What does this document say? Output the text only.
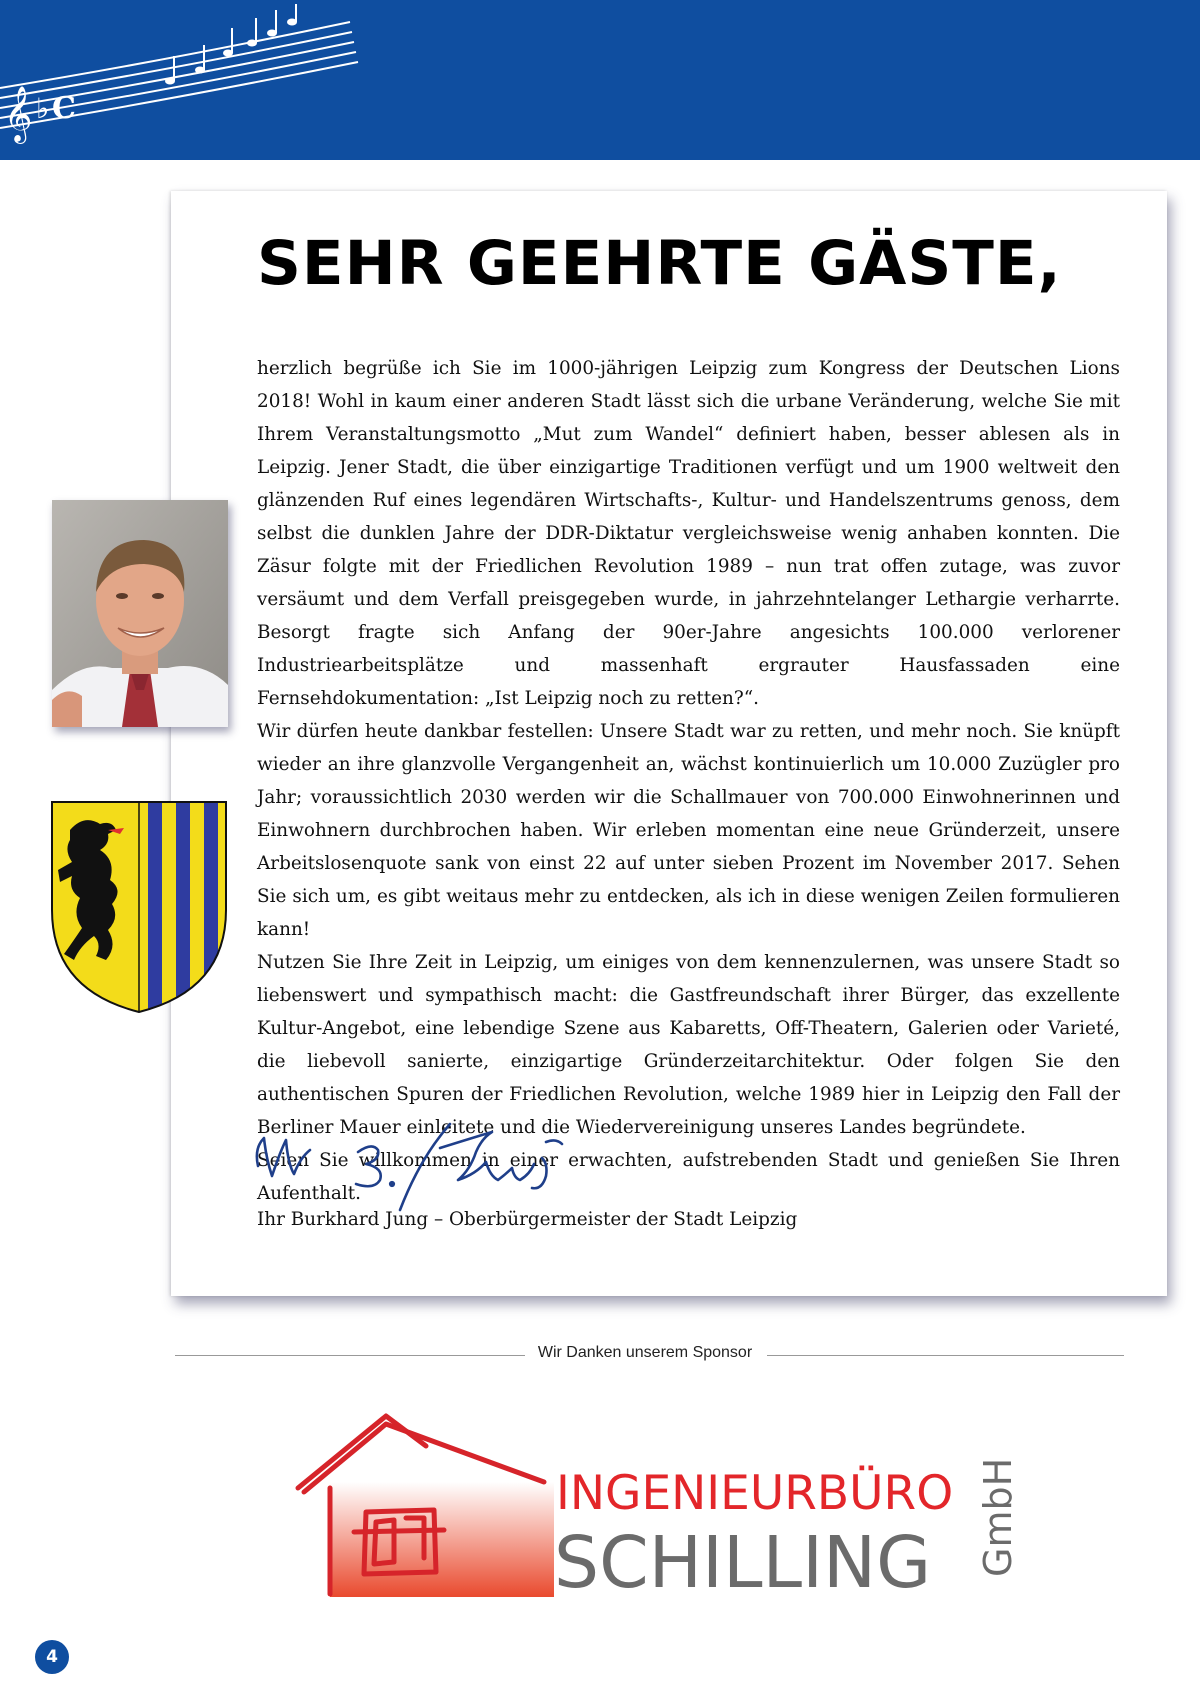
𝄞 ♭ C
SEHR GEEHRTE GÄSTE,

herzlich begrüße ich Sie im 1000-jährigen Leipzig zum Kongress der Deutschen Lions 2018! Wohl in kaum einer anderen Stadt lässt sich die urbane Veränderung, welche Sie mit Ihrem Veranstaltungsmotto „Mut zum Wandel“ definiert haben, besser ablesen als in Leipzig. Jener Stadt, die über einzigartige Traditionen verfügt und um 1900 weltweit den glänzenden Ruf eines legendären Wirtschafts-, Kultur- und Handelszentrums genoss, dem selbst die dunklen Jahre der DDR-Diktatur vergleichsweise wenig anhaben konnten. Die Zäsur folgte mit der Friedlichen Revolution 1989 – nun trat offen zutage, was zuvor versäumt und dem Verfall preisgegeben wurde, in jahrzehntelanger Lethargie verharrte. Besorgt fragte sich Anfang der 90er-Jahre angesichts 100.000 verlorener Industriearbeitsplätze und massenhaft ergrauter Hausfassaden eine Fernsehdokumentation: „Ist Leipzig noch zu retten?“.

Wir dürfen heute dankbar festellen: Unsere Stadt war zu retten, und mehr noch. Sie knüpft wieder an ihre glanzvolle Vergangenheit an, wächst kontinuierlich um 10.000 Zuzügler pro Jahr; voraussichtlich 2030 werden wir die Schallmauer von 700.000 Einwohnerinnen und Einwohnern durchbrochen haben. Wir erleben momentan eine neue Gründerzeit, unsere Arbeitslosenquote sank von einst 22 auf unter sieben Prozent im November 2017. Sehen Sie sich um, es gibt weitaus mehr zu entdecken, als ich in diese wenigen Zeilen formulieren kann!

Nutzen Sie Ihre Zeit in Leipzig, um einiges von dem kennenzulernen, was unsere Stadt so liebenswert und sympathisch macht: die Gastfreundschaft ihrer Bürger, das exzellente Kultur-Angebot, eine lebendige Szene aus Kabaretts, Off-Theatern, Galerien oder Varieté, die liebevoll sanierte, einzigartige Gründerzeitarchitektur. Oder folgen Sie den authentischen Spuren der Friedlichen Revolution, welche 1989 hier in Leipzig den Fall der Berliner Mauer einleitete und die Wiedervereinigung unseres Landes begründete.

Seien Sie willkommen in einer erwachten, aufstrebenden Stadt und genießen Sie Ihren Aufenthalt.

Ihr Burkhard Jung – Oberbürgermeister der Stadt Leipzig
Wir Danken unserem Sponsor
INGENIEURBÜRO
SCHILLING GmbH
4
